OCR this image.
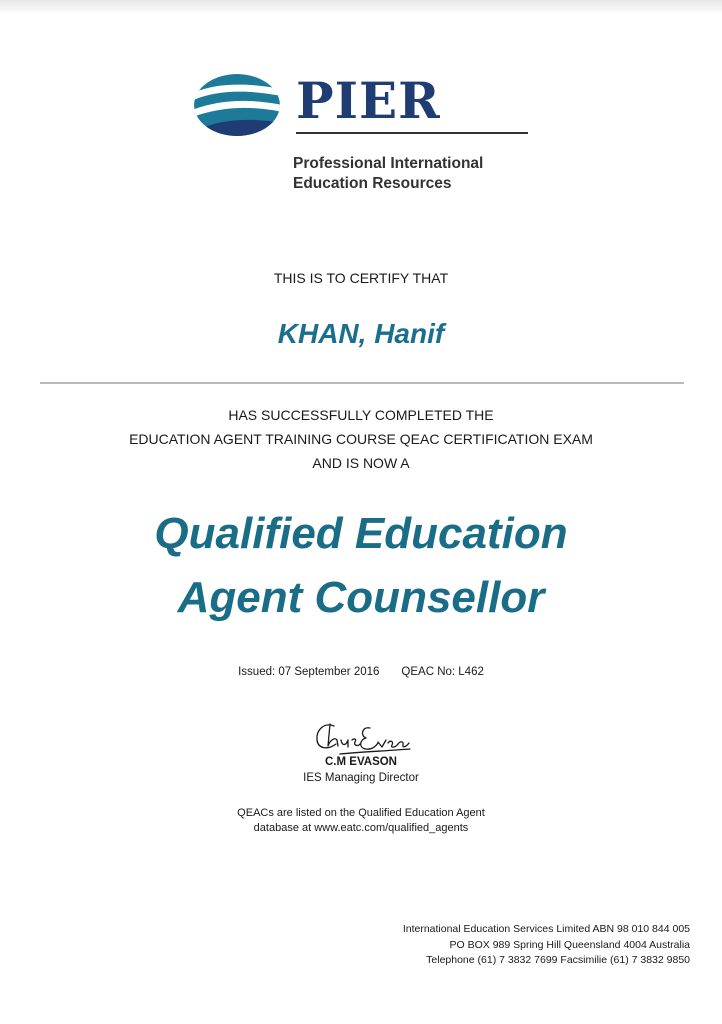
PIER
Professional International
Education Resources
THIS IS TO CERTIFY THAT
KHAN, Hanif
HAS SUCCESSFULLY COMPLETED THE
EDUCATION AGENT TRAINING COURSE QEAC CERTIFICATION EXAM
AND IS NOW A
Qualified Education
Agent Counsellor
Issued: 07 September 2016 QEAC No: L462
C.M EVASON
IES Managing Director
QEACs are listed on the Qualified Education Agent
database at www.eatc.com/qualified_agents
International Education Services Limited ABN 98 010 844 005
PO BOX 989 Spring Hill Queensland 4004 Australia
Telephone (61) 7 3832 7699 Facsimilie (61) 7 3832 9850
